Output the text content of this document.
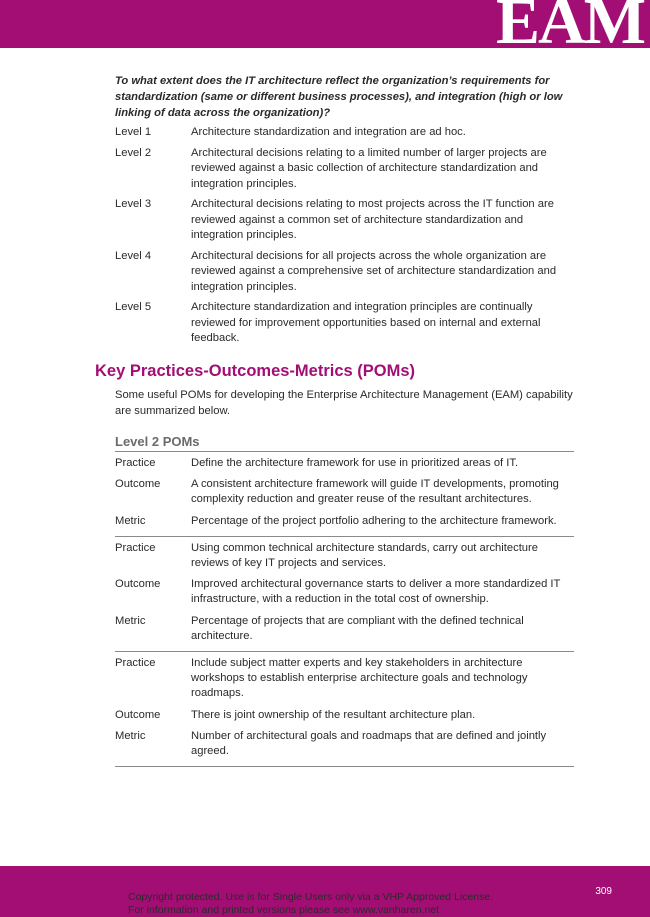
EAM

To what extent does the IT architecture reflect the organization’s requirements for standardization (same or different business processes), and integration (high or low linking of data across the organization)?

Level 1	Architecture standardization and integration are ad hoc.
Level 2	Architectural decisions relating to a limited number of larger projects are reviewed against a basic collection of architecture standardization and integration principles.
Level 3	Architectural decisions relating to most projects across the IT function are reviewed against a common set of architecture standardization and integration principles.
Level 4	Architectural decisions for all projects across the whole organization are reviewed against a comprehensive set of architecture standardization and integration principles.
Level 5	Architecture standardization and integration principles are continually reviewed for improvement opportunities based on internal and external feedback.
Key Practices-Outcomes-Metrics (POMs)
Some useful POMs for developing the Enterprise Architecture Management (EAM) capability are summarized below.
Level 2 POMs
Practice	Define the architecture framework for use in prioritized areas of IT.
Outcome	A consistent architecture framework will guide IT developments, promoting complexity reduction and greater reuse of the resultant architectures.
Metric	Percentage of the project portfolio adhering to the architecture framework.
Practice	Using common technical architecture standards, carry out architecture reviews of key IT projects and services.
Outcome	Improved architectural governance starts to deliver a more standardized IT infrastructure, with a reduction in the total cost of ownership.
Metric	Percentage of projects that are compliant with the defined technical architecture.
Practice	Include subject matter experts and key stakeholders in architecture workshops to establish enterprise architecture goals and technology roadmaps.
Outcome	There is joint ownership of the resultant architecture plan.
Metric	Number of architectural goals and roadmaps that are defined and jointly agreed.
309
Copyright protected. Use is for Single Users only via a VHP Approved License.
For information and printed versions please see www.vanharen.net
